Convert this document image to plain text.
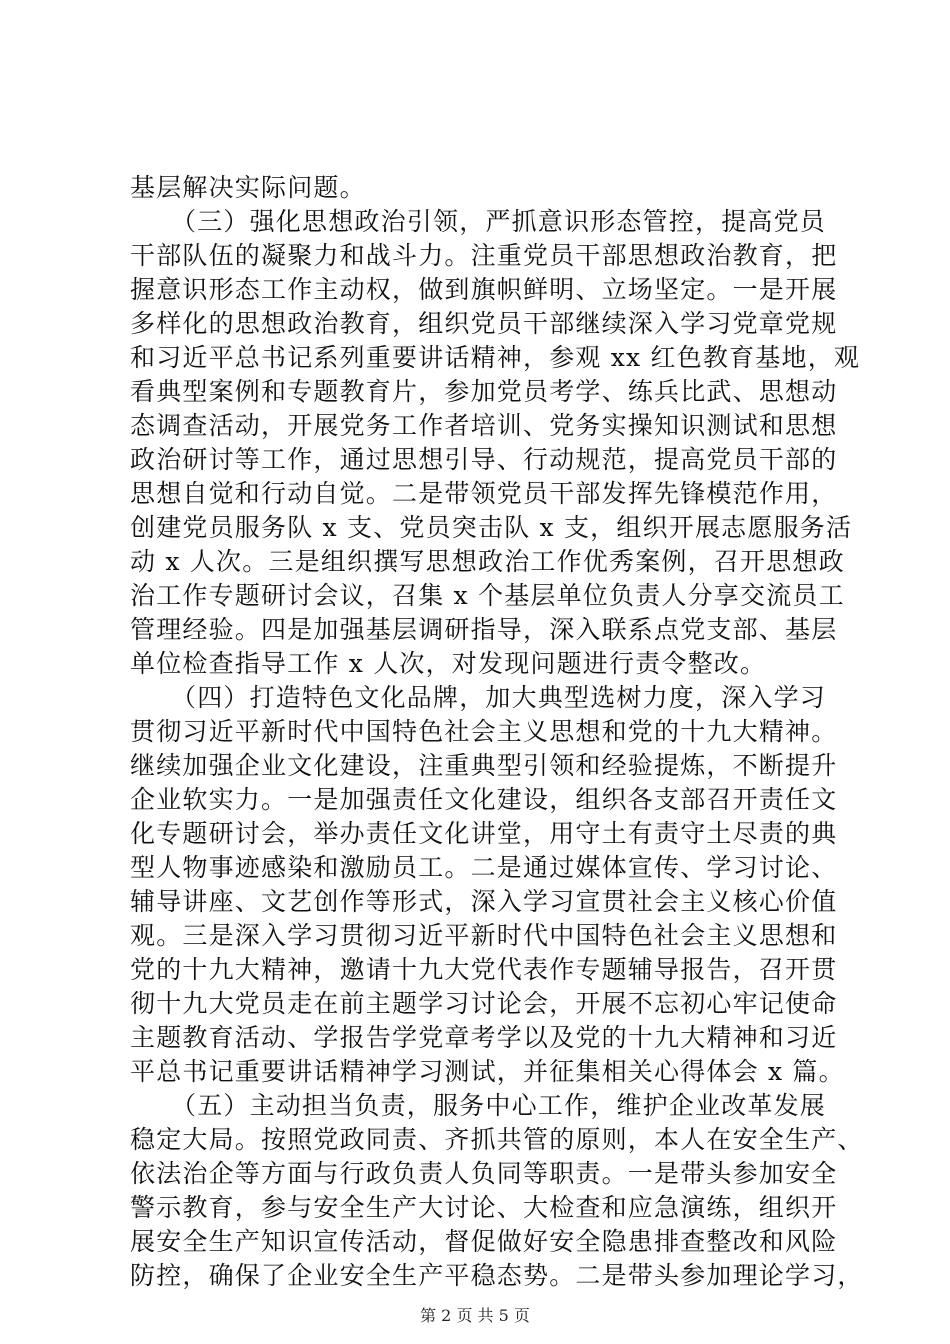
基层解决实际问题。
（三）强化思想政治引领，严抓意识形态管控，提高党员
干部队伍的凝聚力和战斗力。注重党员干部思想政治教育，把
握意识形态工作主动权，做到旗帜鲜明、立场坚定。一是开展
多样化的思想政治教育，组织党员干部继续深入学习党章党规
和习近平总书记系列重要讲话精神，参观 xx 红色教育基地，观
看典型案例和专题教育片，参加党员考学、练兵比武、思想动
态调查活动，开展党务工作者培训、党务实操知识测试和思想
政治研讨等工作，通过思想引导、行动规范，提高党员干部的
思想自觉和行动自觉。二是带领党员干部发挥先锋模范作用，
创建党员服务队 x 支、党员突击队 x 支，组织开展志愿服务活
动 x 人次。三是组织撰写思想政治工作优秀案例，召开思想政
治工作专题研讨会议，召集 x 个基层单位负责人分享交流员工
管理经验。四是加强基层调研指导，深入联系点党支部、基层
单位检查指导工作 x 人次，对发现问题进行责令整改。
（四）打造特色文化品牌，加大典型选树力度，深入学习
贯彻习近平新时代中国特色社会主义思想和党的十九大精神。
继续加强企业文化建设，注重典型引领和经验提炼，不断提升
企业软实力。一是加强责任文化建设，组织各支部召开责任文
化专题研讨会，举办责任文化讲堂，用守土有责守土尽责的典
型人物事迹感染和激励员工。二是通过媒体宣传、学习讨论、
辅导讲座、文艺创作等形式，深入学习宣贯社会主义核心价值
观。三是深入学习贯彻习近平新时代中国特色社会主义思想和
党的十九大精神，邀请十九大党代表作专题辅导报告，召开贯
彻十九大党员走在前主题学习讨论会，开展不忘初心牢记使命
主题教育活动、学报告学党章考学以及党的十九大精神和习近
平总书记重要讲话精神学习测试，并征集相关心得体会 x 篇。
（五）主动担当负责，服务中心工作，维护企业改革发展
稳定大局。按照党政同责、齐抓共管的原则，本人在安全生产、
依法治企等方面与行政负责人负同等职责。一是带头参加安全
警示教育，参与安全生产大讨论、大检查和应急演练，组织开
展安全生产知识宣传活动，督促做好安全隐患排查整改和风险
防控，确保了企业安全生产平稳态势。二是带头参加理论学习，
第 2 页 共 5 页
